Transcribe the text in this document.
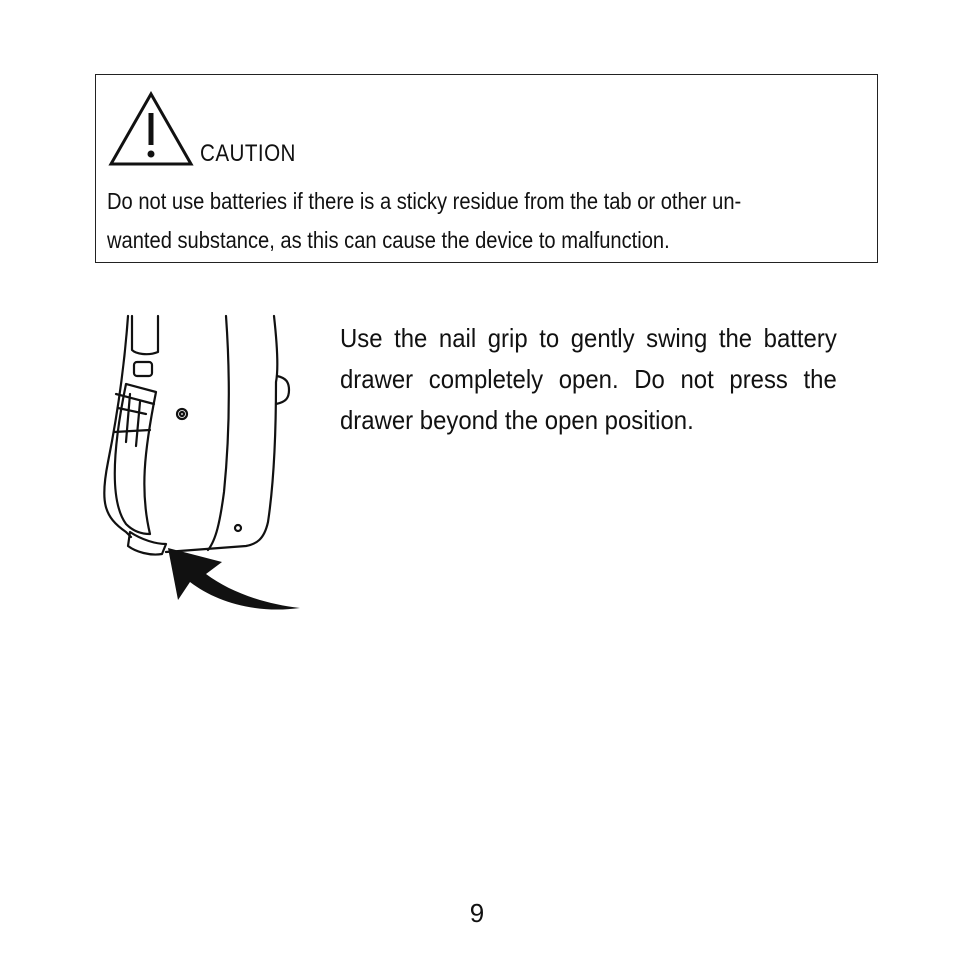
CAUTION

Do not use batteries if there is a sticky residue from the tab or other un-

wanted substance, as this can cause the device to malfunction.

Use the nail grip to gently swing the battery
drawer completely open. Do not press the
drawer beyond the open position.
9
